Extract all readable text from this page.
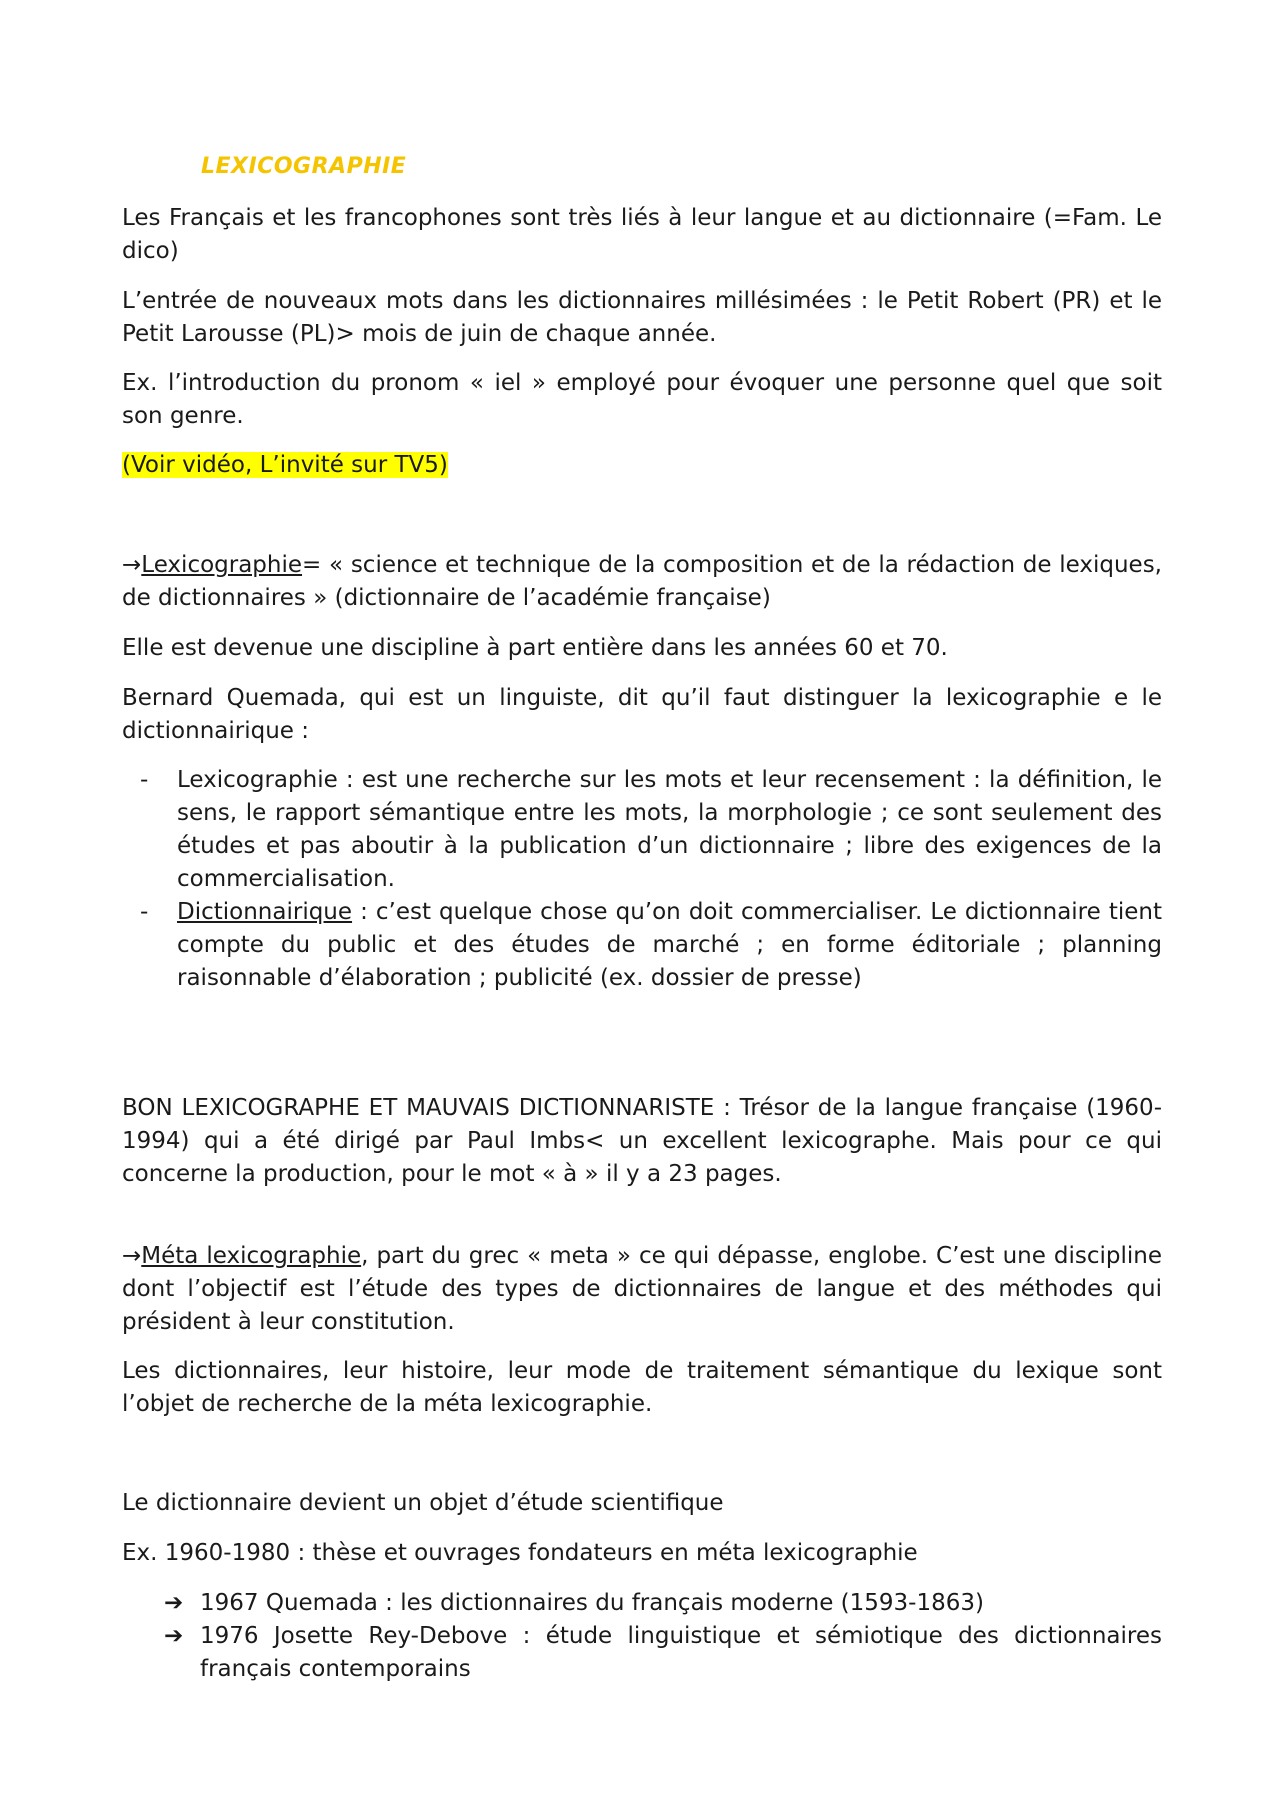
LEXICOGRAPHIE

Les Français et les francophones sont très liés à leur langue et au dictionnaire (=Fam. Le dico)

L’entrée de nouveaux mots dans les dictionnaires millésimées : le Petit Robert (PR) et le Petit Larousse (PL)> mois de juin de chaque année.

Ex. l’introduction du pronom « iel » employé pour évoquer une personne quel que soit son genre.

(Voir vidéo, L’invité sur TV5)

→Lexicographie= « science et technique de la composition et de la rédaction de lexiques, de dictionnaires » (dictionnaire de l’académie française)

Elle est devenue une discipline à part entière dans les années 60 et 70.

Bernard Quemada, qui est un linguiste, dit qu’il faut distinguer la lexicographie e le dictionnairique :

- Lexicographie : est une recherche sur les mots et leur recensement : la définition, le sens, le rapport sémantique entre les mots, la morphologie ; ce sont seulement des études et pas aboutir à la publication d’un dictionnaire ; libre des exigences de la commercialisation.
- Dictionnairique : c’est quelque chose qu’on doit commercialiser. Le dictionnaire tient compte du public et des études de marché ; en forme éditoriale ; planning raisonnable d’élaboration ; publicité (ex. dossier de presse)

BON LEXICOGRAPHE ET MAUVAIS DICTIONNARISTE : Trésor de la langue française (1960-1994) qui a été dirigé par Paul Imbs< un excellent lexicographe. Mais pour ce qui concerne la production, pour le mot « à » il y a 23 pages.

→Méta lexicographie, part du grec « meta » ce qui dépasse, englobe. C’est une discipline dont l’objectif est l’étude des types de dictionnaires de langue et des méthodes qui président à leur constitution.

Les dictionnaires, leur histoire, leur mode de traitement sémantique du lexique sont l’objet de recherche de la méta lexicographie.

Le dictionnaire devient un objet d’étude scientifique

Ex. 1960-1980 : thèse et ouvrages fondateurs en méta lexicographie

➔ 1967 Quemada : les dictionnaires du français moderne (1593-1863)
➔ 1976 Josette Rey-Debove : étude linguistique et sémiotique des dictionnaires français contemporains
